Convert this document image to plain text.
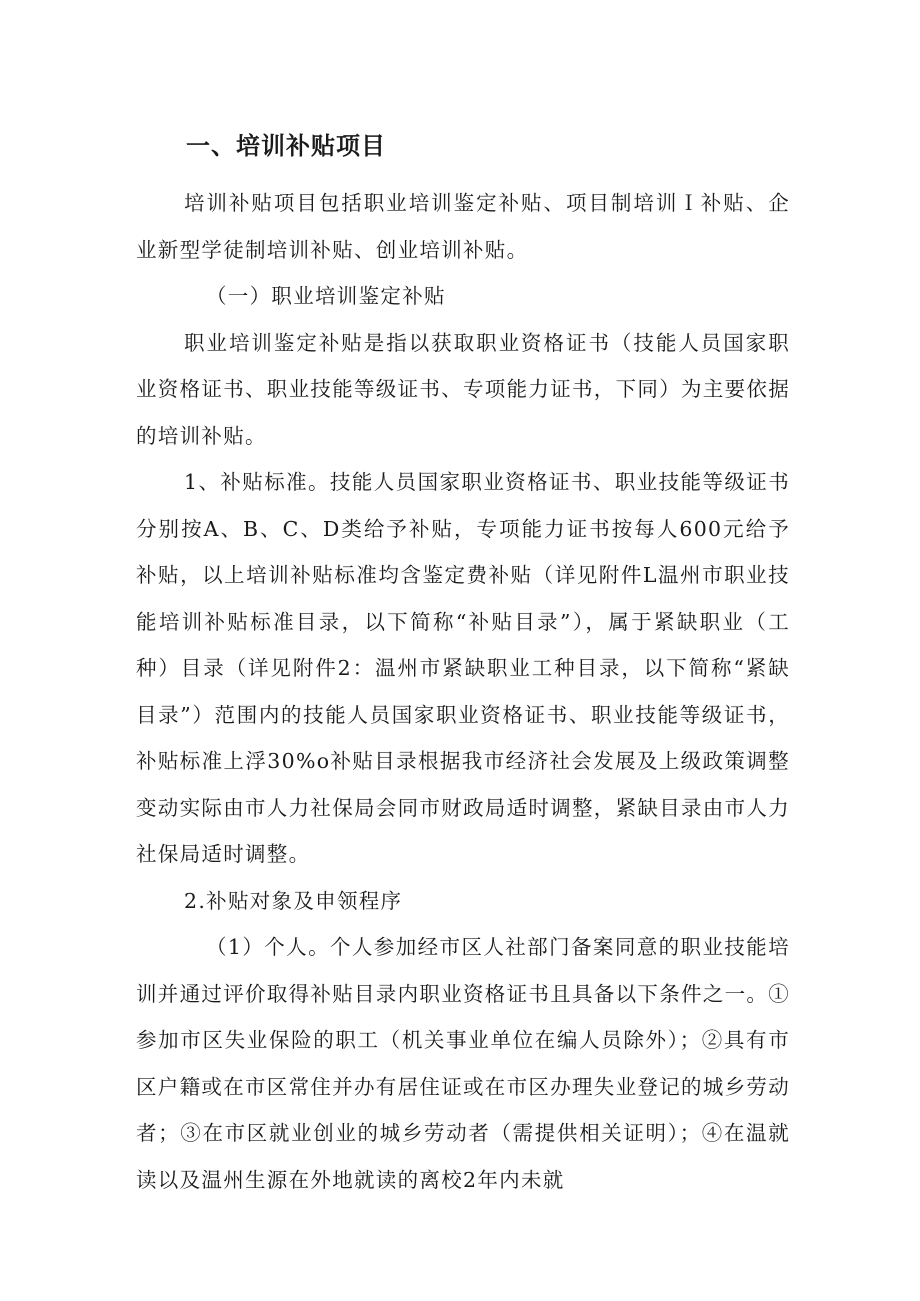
一、培训补贴项目

培训补贴项目包括职业培训鉴定补贴、项目制培训Ｉ补贴、企业新型学徒制培训补贴、创业培训补贴。

（一）职业培训鉴定补贴

职业培训鉴定补贴是指以获取职业资格证书（技能人员国家职业资格证书、职业技能等级证书、专项能力证书，下同）为主要依据的培训补贴。

1、补贴标准。技能人员国家职业资格证书、职业技能等级证书分别按A、B、C、D类给予补贴，专项能力证书按每人600元给予补贴，以上培训补贴标准均含鉴定费补贴（详见附件L温州市职业技能培训补贴标准目录，以下简称“补贴目录”），属于紧缺职业（工种）目录（详见附件2：温州市紧缺职业工种目录，以下简称“紧缺目录”）范围内的技能人员国家职业资格证书、职业技能等级证书，补贴标准上浮30%o补贴目录根据我市经济社会发展及上级政策调整变动实际由市人力社保局会同市财政局适时调整，紧缺目录由市人力社保局适时调整。

2.补贴对象及申领程序

（1）个人。个人参加经市区人社部门备案同意的职业技能培训并通过评价取得补贴目录内职业资格证书且具备以下条件之一。①参加市区失业保险的职工（机关事业单位在编人员除外）；②具有市区户籍或在市区常住并办有居住证或在市区办理失业登记的城乡劳动者；③在市区就业创业的城乡劳动者（需提供相关证明）；④在温就读以及温州生源在外地就读的离校2年内未就
